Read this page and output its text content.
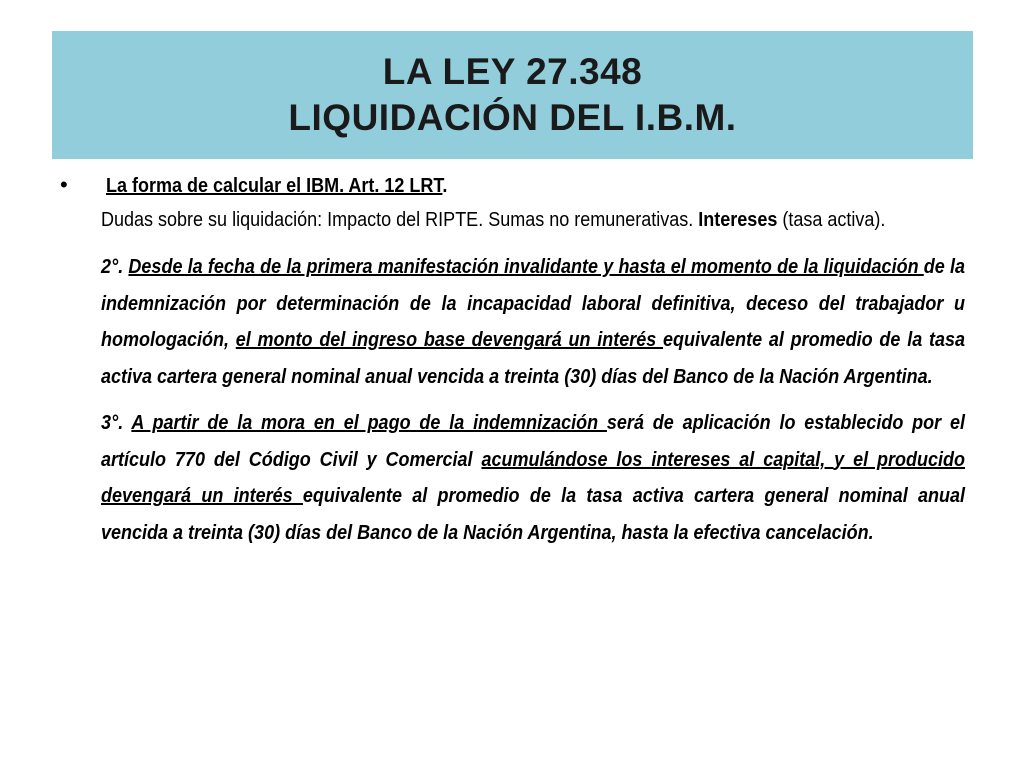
LA LEY 27.348
LIQUIDACIÓN DEL I.B.M.
•	La forma de calcular el IBM. Art. 12 LRT.
Dudas sobre su liquidación: Impacto del RIPTE. Sumas no remunerativas. Intereses (tasa activa).
2°. Desde la fecha de la primera manifestación invalidante y hasta el momento de la liquidación de la indemnización por determinación de la incapacidad laboral definitiva, deceso del trabajador u homologación, el monto del ingreso base devengará un interés equivalente al promedio de la tasa activa cartera general nominal anual vencida a treinta (30) días del Banco de la Nación Argentina.
3°. A partir de la mora en el pago de la indemnización será de aplicación lo establecido por el artículo 770 del Código Civil y Comercial acumulándose los intereses al capital, y el producido devengará un interés equivalente al promedio de la tasa activa cartera general nominal anual vencida a treinta (30) días del Banco de la Nación Argentina, hasta la efectiva cancelación.
